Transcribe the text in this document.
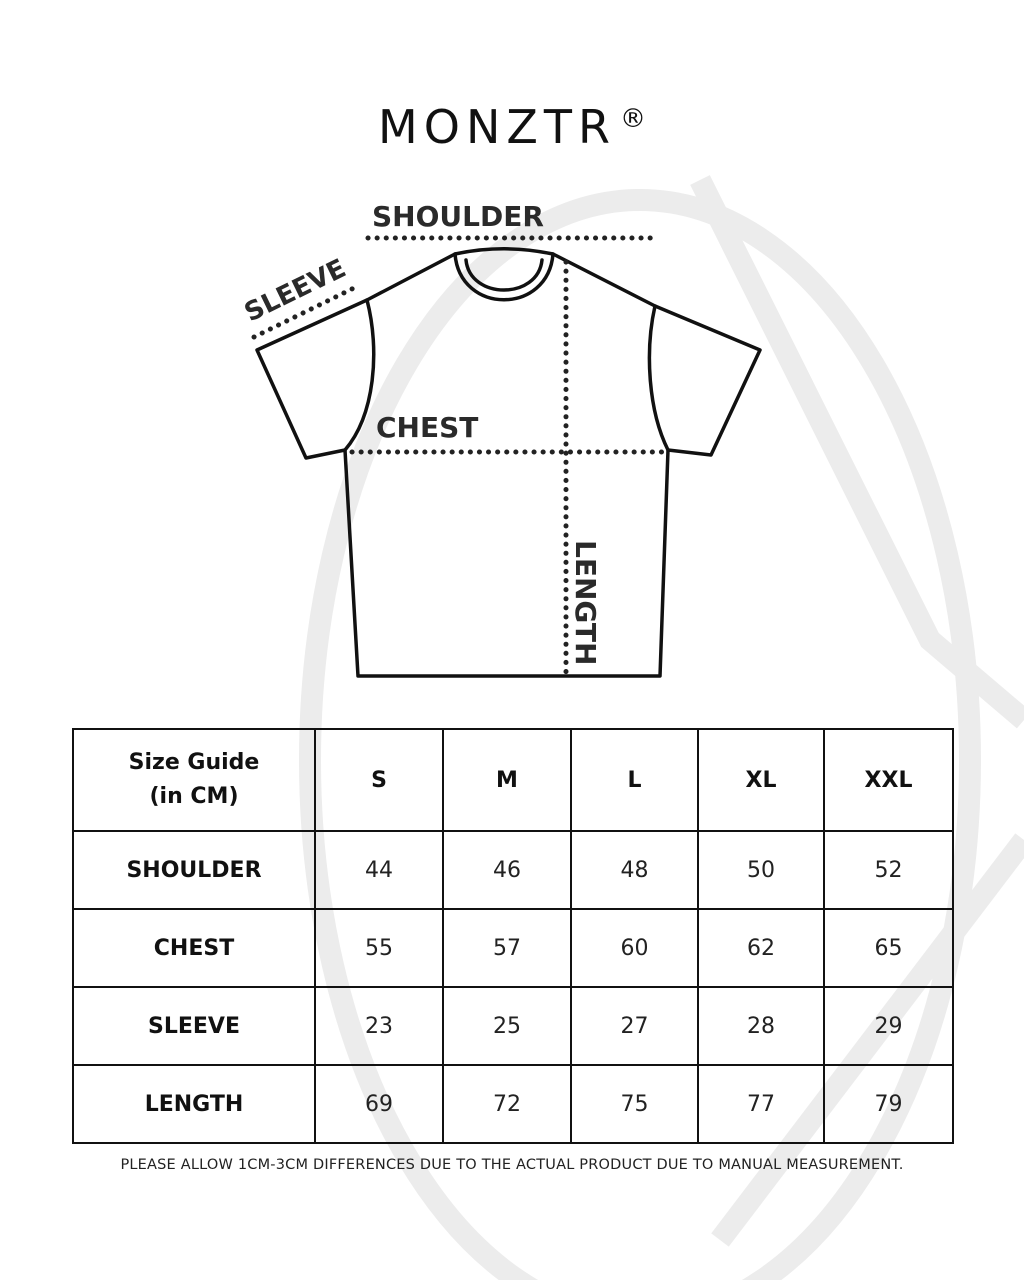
MONZTR ®
SHOULDER
SLEEVE
CHEST
LENGTH
Size Guide
(in CM)	S	M	L	XL	XXL
SHOULDER	44	46	48	50	52
CHEST	55	57	60	62	65
SLEEVE	23	25	27	28	29
LENGTH	69	72	75	77	79
PLEASE ALLOW 1CM-3CM DIFFERENCES DUE TO THE ACTUAL PRODUCT DUE TO MANUAL MEASUREMENT.
